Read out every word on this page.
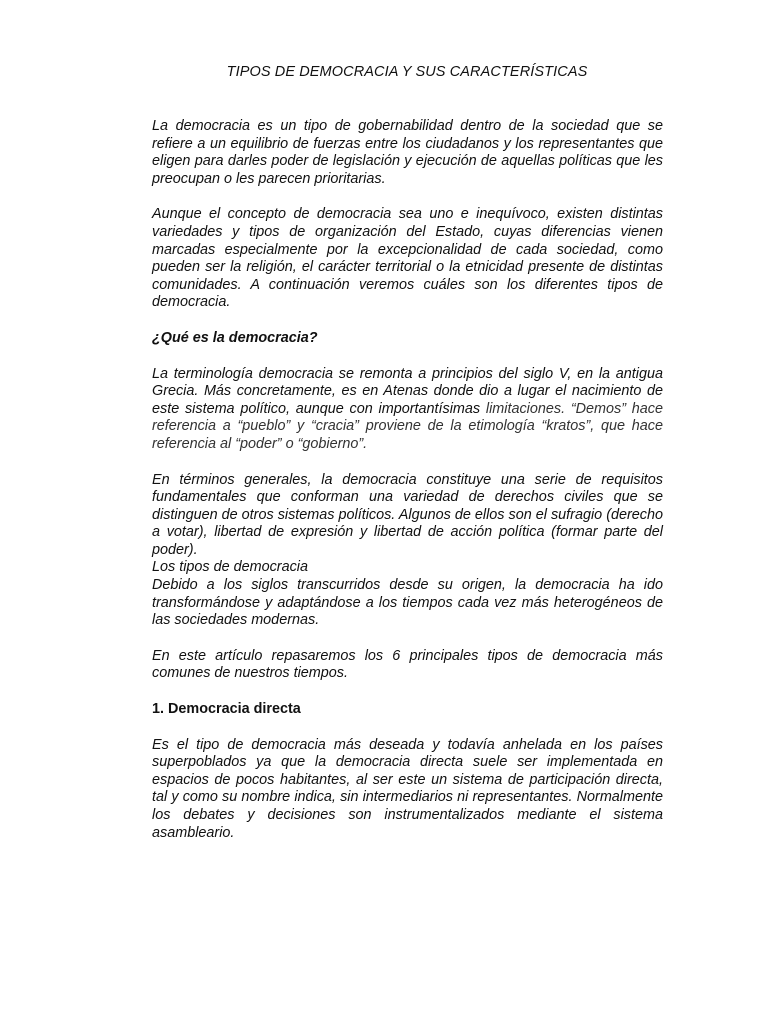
TIPOS DE DEMOCRACIA Y SUS CARACTERÍSTICAS

La democracia es un tipo de gobernabilidad dentro de la sociedad que se refiere a un equilibrio de fuerzas entre los ciudadanos y los representantes que eligen para darles poder de legislación y ejecución de aquellas políticas que les preocupan o les parecen prioritarias.

Aunque el concepto de democracia sea uno e inequívoco, existen distintas variedades y tipos de organización del Estado, cuyas diferencias vienen marcadas especialmente por la excepcionalidad de cada sociedad, como pueden ser la religión, el carácter territorial o la etnicidad presente de distintas comunidades. A continuación veremos cuáles son los diferentes tipos de democracia.

¿Qué es la democracia?

La terminología democracia se remonta a principios del siglo V, en la antigua Grecia. Más concretamente, es en Atenas donde dio a lugar el nacimiento de este sistema político, aunque con importantísimas limitaciones. “Demos” hace referencia a “pueblo” y “cracia” proviene de la etimología “kratos”, que hace referencia al “poder” o “gobierno”.

En términos generales, la democracia constituye una serie de requisitos fundamentales que conforman una variedad de derechos civiles que se distinguen de otros sistemas políticos. Algunos de ellos son el sufragio (derecho a votar), libertad de expresión y libertad de acción política (formar parte del poder).

Los tipos de democracia

Debido a los siglos transcurridos desde su origen, la democracia ha ido transformándose y adaptándose a los tiempos cada vez más heterogéneos de las sociedades modernas.

En este artículo repasaremos los 6 principales tipos de democracia más comunes de nuestros tiempos.

1. Democracia directa

Es el tipo de democracia más deseada y todavía anhelada en los países superpoblados ya que la democracia directa suele ser implementada en espacios de pocos habitantes, al ser este un sistema de participación directa, tal y como su nombre indica, sin intermediarios ni representantes. Normalmente los debates y decisiones son instrumentalizados mediante el sistema asambleario.
